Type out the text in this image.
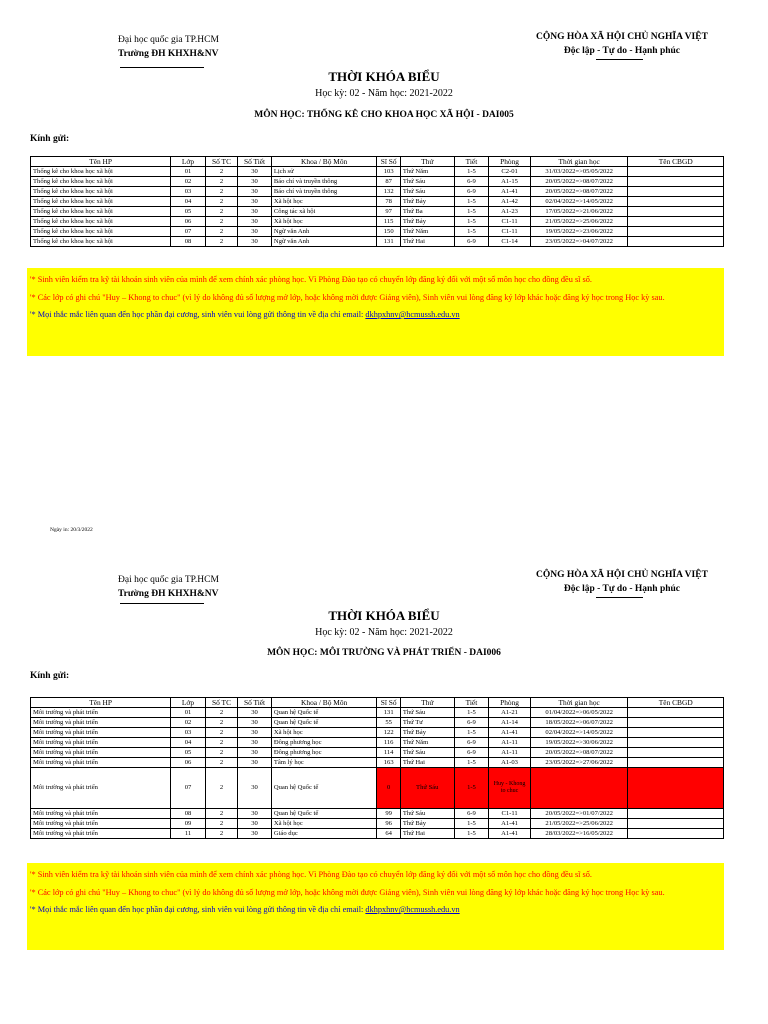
Đại học quốc gia TP.HCM
Trường ĐH KHXH&NV
CỘNG HÒA XÃ HỘI CHỦ NGHĨA VIỆT
Độc lập - Tự do - Hạnh phúc
THỜI KHÓA BIỂU
Học kỳ: 02 - Năm học: 2021-2022
MÔN HỌC: THỐNG KÊ CHO KHOA HỌC XÃ HỘI - DAI005
Kính gửi:
Tên HP	Lớp	Số TC	Số Tiết	Khoa / Bộ Môn	Sĩ Số	Thứ	Tiết	Phòng	Thời gian học	Tên CBGD
Thống kê cho khoa học xã hội	01	2	30	Lịch sử	103	Thứ Năm	1-5	C2-01	31/03/2022=>05/05/2022	
Thống kê cho khoa học xã hội	02	2	30	Báo chí và truyền thông	87	Thứ Sáu	6-9	A1-15	20/05/2022=>08/07/2022	
Thống kê cho khoa học xã hội	03	2	30	Báo chí và truyền thông	132	Thứ Sáu	6-9	A1-41	20/05/2022=>08/07/2022	
Thống kê cho khoa học xã hội	04	2	30	Xã hội học	78	Thứ Bảy	1-5	A1-42	02/04/2022=>14/05/2022	
Thống kê cho khoa học xã hội	05	2	30	Công tác xã hội	97	Thứ Ba	1-5	A1-23	17/05/2022=>21/06/2022	
Thống kê cho khoa học xã hội	06	2	30	Xã hội học	115	Thứ Bảy	1-5	C1-11	21/05/2022=>25/06/2022	
Thống kê cho khoa học xã hội	07	2	30	Ngữ văn Anh	150	Thứ Năm	1-5	C1-11	19/05/2022=>23/06/2022	
Thống kê cho khoa học xã hội	08	2	30	Ngữ văn Anh	131	Thứ Hai	6-9	C1-14	23/05/2022=>04/07/2022	

'* Sinh viên kiểm tra kỹ tài khoản sinh viên của mình để xem chính xác phòng học. Vì Phòng Đào tạo có chuyển lớp đăng ký đối với một số môn học cho đồng đều sĩ số.

'* Các lớp có ghi chú "Huy – Khong to chuc" (vì lý do không đủ số lượng mở lớp, hoặc không mời được Giảng viên), Sinh viên vui lòng đăng ký lớp khác hoặc đăng ký học trong Học kỳ sau.

'* Mọi thắc mắc liên quan đến học phần đại cương, sinh viên vui lòng gửi thông tin về địa chỉ email: dkhpxhnv@hcmussh.edu.vn

Ngày in: 20/3/2022
Đại học quốc gia TP.HCM
Trường ĐH KHXH&NV
CỘNG HÒA XÃ HỘI CHỦ NGHĨA VIỆT
Độc lập - Tự do - Hạnh phúc
THỜI KHÓA BIỂU
Học kỳ: 02 - Năm học: 2021-2022
MÔN HỌC: MÔI TRƯỜNG VÀ PHÁT TRIỂN - DAI006
Kính gửi:
Tên HP	Lớp	Số TC	Số Tiết	Khoa / Bộ Môn	Sĩ Số	Thứ	Tiết	Phòng	Thời gian học	Tên CBGD
Môi trường và phát triển	01	2	30	Quan hệ Quốc tế	131	Thứ Sáu	1-5	A1-21	01/04/2022=>06/05/2022	
Môi trường và phát triển	02	2	30	Quan hệ Quốc tế	55	Thứ Tư	6-9	A1-14	18/05/2022=>06/07/2022	
Môi trường và phát triển	03	2	30	Xã hội học	122	Thứ Bảy	1-5	A1-41	02/04/2022=>14/05/2022	
Môi trường và phát triển	04	2	30	Đông phương học	116	Thứ Năm	6-9	A1-11	19/05/2022=>30/06/2022	
Môi trường và phát triển	05	2	30	Đông phương học	114	Thứ Sáu	6-9	A1-11	20/05/2022=>08/07/2022	
Môi trường và phát triển	06	2	30	Tâm lý học	163	Thứ Hai	1-5	A1-03	23/05/2022=>27/06/2022	
Môi trường và phát triển	07	2	30	Quan hệ Quốc tế	0	Thứ Sáu	1-5	Huy - Khong to chuc		
Môi trường và phát triển	08	2	30	Quan hệ Quốc tế	99	Thứ Sáu	6-9	C1-11	20/05/2022=>01/07/2022	
Môi trường và phát triển	09	2	30	Xã hội học	96	Thứ Bảy	1-5	A1-41	21/05/2022=>25/06/2022	
Môi trường và phát triển	11	2	30	Giáo dục	64	Thứ Hai	1-5	A1-41	28/03/2022=>16/05/2022	

'* Sinh viên kiểm tra kỹ tài khoản sinh viên của mình để xem chính xác phòng học. Vì Phòng Đào tạo có chuyển lớp đăng ký đối với một số môn học cho đồng đều sĩ số.

'* Các lớp có ghi chú "Huy – Khong to chuc" (vì lý do không đủ số lượng mở lớp, hoặc không mời được Giảng viên), Sinh viên vui lòng đăng ký lớp khác hoặc đăng ký học trong Học kỳ sau.

'* Mọi thắc mắc liên quan đến học phần đại cương, sinh viên vui lòng gửi thông tin về địa chỉ email: dkhpxhnv@hcmussh.edu.vn
